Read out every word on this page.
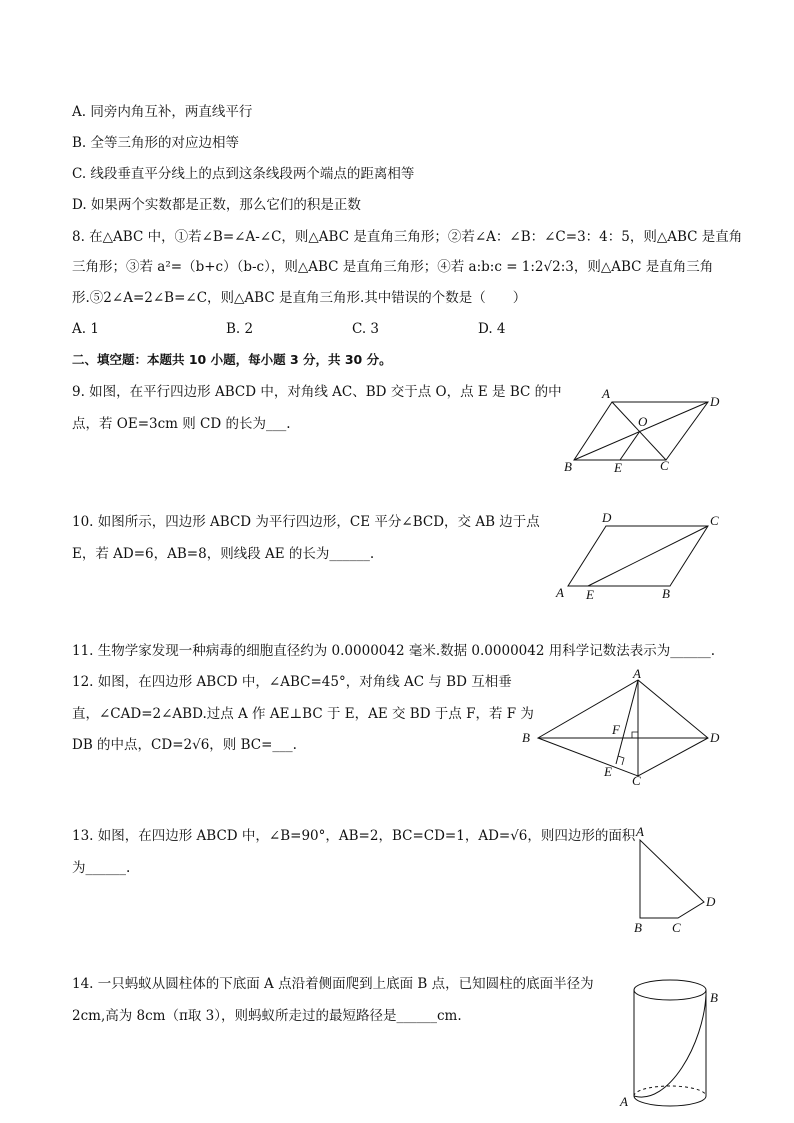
A. 同旁内角互补，两直线平行
B. 全等三角形的对应边相等
C. 线段垂直平分线上的点到这条线段两个端点的距离相等
D. 如果两个实数都是正数，那么它们的积是正数
8. 在△ABC 中，①若∠B=∠A-∠C，则△ABC 是直角三角形；②若∠A：∠B：∠C=3：4：5，则△ABC 是直角
三角形；③若 a²=（b+c）（b-c），则△ABC 是直角三角形；④若 a:b:c = 1:2√2:3，则△ABC 是直角三角
形.⑤2∠A=2∠B=∠C，则△ABC 是直角三角形.其中错误的个数是（　　）
A. 1	B. 2	C. 3	D. 4
二、填空题：本题共 10 小题，每小题 3 分，共 30 分。
9. 如图，在平行四边形 ABCD 中，对角线 AC、BD 交于点 O，点 E 是 BC 的中
点，若 OE=3cm 则 CD 的长为___.
A
D
O
B	E	C
10. 如图所示，四边形 ABCD 为平行四边形，CE 平分∠BCD，交 AB 边于点
E，若 AD=6，AB=8，则线段 AE 的长为______.
D	C
A E	B
11. 生物学家发现一种病毒的细胞直径约为 0.0000042 毫米.数据 0.0000042 用科学记数法表示为______.
12. 如图，在四边形 ABCD 中，∠ABC=45°，对角线 AC 与 BD 互相垂
直，∠CAD=2∠ABD.过点 A 作 AE⊥BC 于 E，AE 交 BD 于点 F，若 F 为
DB 的中点，CD=2√6，则 BC=___.
A
B	D
F
E
C
13. 如图，在四边形 ABCD 中，∠B=90°，AB=2，BC=CD=1，AD=√6，则四边形的面积
为______.
A
D
B C
14. 一只蚂蚁从圆柱体的下底面 A 点沿着侧面爬到上底面 B 点，已知圆柱的底面半径为
2cm,高为 8cm（π取 3），则蚂蚁所走过的最短路径是______cm.
B
A
